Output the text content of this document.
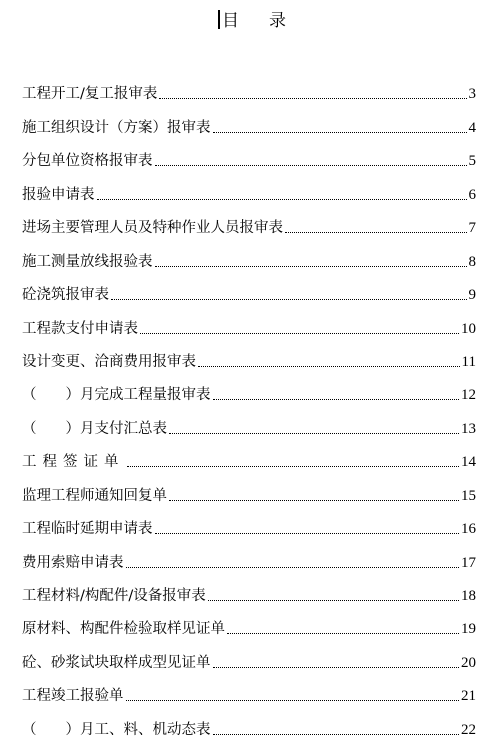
目 录
工程开工/复工报审表	3
施工组织设计（方案）报审表	4
分包单位资格报审表	5
报验申请表	6
进场主要管理人员及特种作业人员报审表	7
施工测量放线报验表	8
砼浇筑报审表	9
工程款支付申请表	10
设计变更、洽商费用报审表	11
（　　）月完成工程量报审表	12
（　　）月支付汇总表	13
工程签证单	14
监理工程师通知回复单	15
工程临时延期申请表	16
费用索赔申请表	17
工程材料/构配件/设备报审表	18
原材料、构配件检验取样见证单	19
砼、砂浆试块取样成型见证单	20
工程竣工报验单	21
（　　）月工、料、机动态表	22
